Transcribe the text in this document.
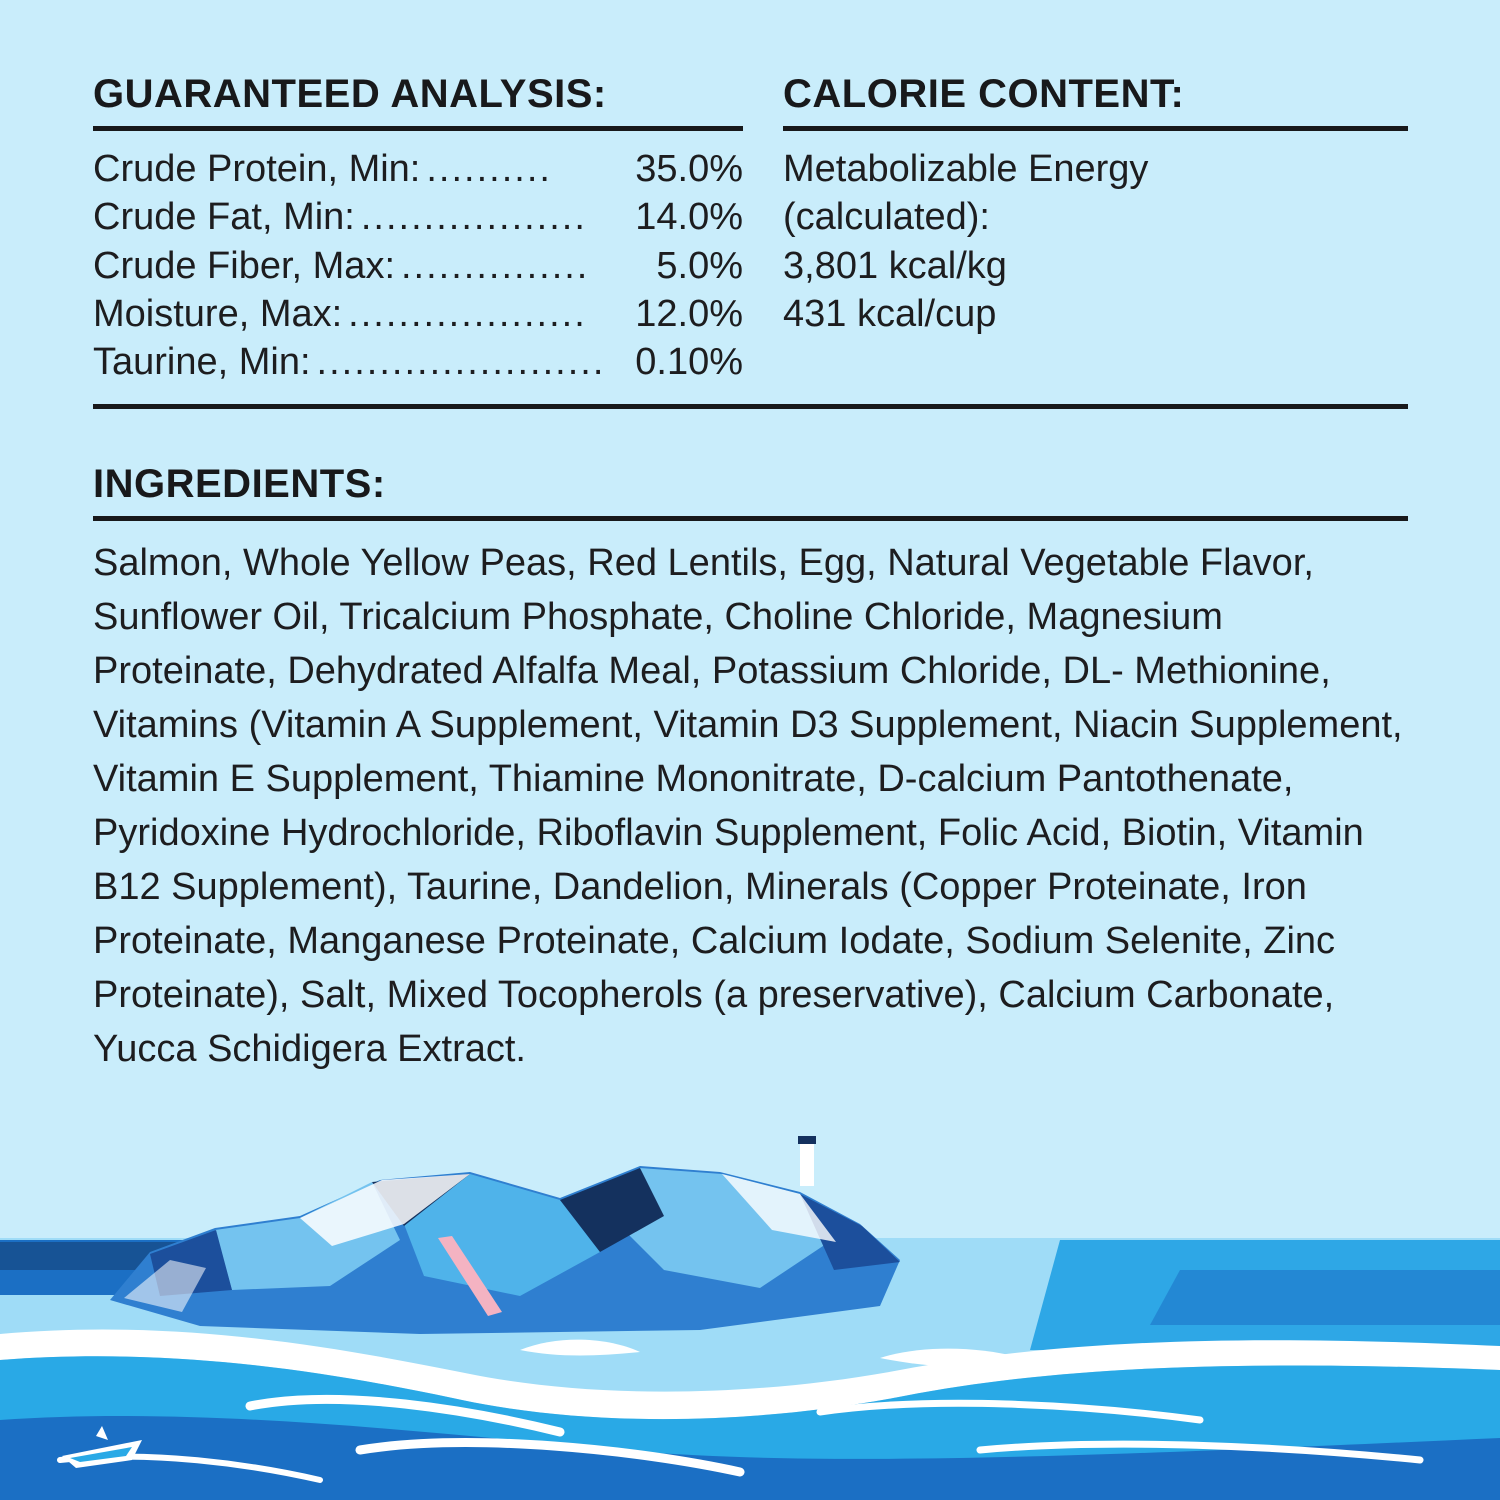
GUARANTEED ANALYSIS:
Crude Protein, Min: ..........	35.0%
Crude Fat, Min: ..................	14.0%
Crude Fiber, Max: ...............	5.0%
Moisture, Max: ...................	12.0%
Taurine, Min: ....................... 0.10%
CALORIE CONTENT:
Metabolizable Energy
(calculated):
3,801 kcal/kg
431 kcal/cup
INGREDIENTS:
Salmon, Whole Yellow Peas, Red Lentils, Egg, Natural Vegetable Flavor, Sunflower Oil, Tricalcium Phosphate, Choline Chloride, Magnesium Proteinate, Dehydrated Alfalfa Meal, Potassium Chloride, DL- Methionine, Vitamins (Vitamin A Supplement, Vitamin D3 Supplement, Niacin Supplement, Vitamin E Supplement, Thiamine Mononitrate, D-calcium Pantothenate, Pyridoxine Hydrochloride, Riboflavin Supplement, Folic Acid, Biotin, Vitamin B12 Supplement), Taurine, Dandelion, Minerals (Copper Proteinate, Iron Proteinate, Manganese Proteinate, Calcium Iodate, Sodium Selenite, Zinc Proteinate), Salt, Mixed Tocopherols (a preservative), Calcium Carbonate, Yucca Schidigera Extract.
